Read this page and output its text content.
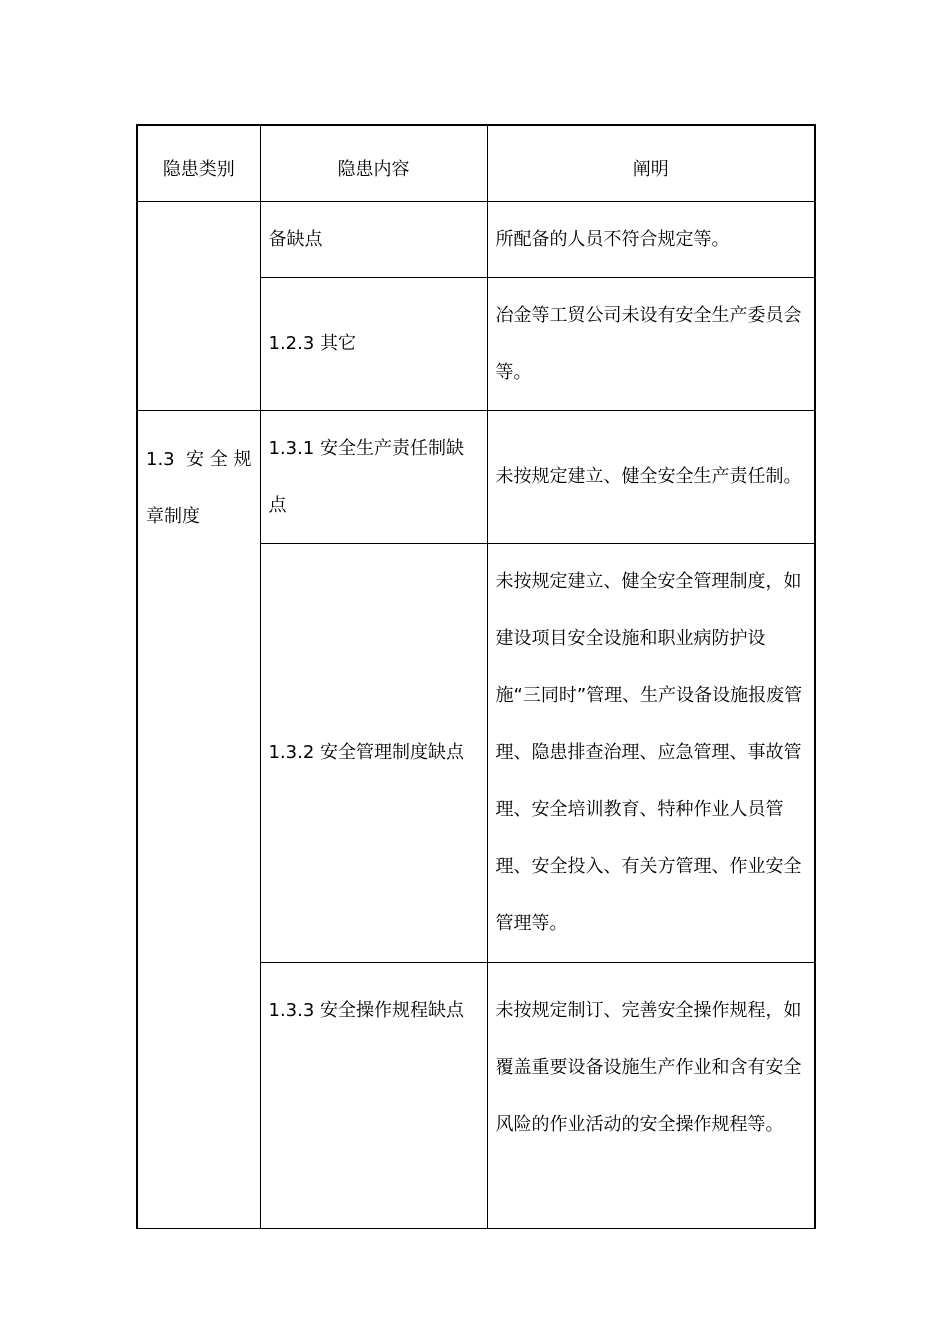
隐患类别	隐患内容	阐明
	备缺点	所配备的人员不符合规定等。
	1.2.3 其它	冶金等工贸公司未设有安全生产委员会等。
1.3 安全规章制度	1.3.1 安全生产责任制缺点	未按规定建立、健全安全生产责任制。
	1.3.2 安全管理制度缺点	未按规定建立、健全安全管理制度，如建设项目安全设施和职业病防护设施“三同时”管理、生产设备设施报废管理、隐患排查治理、应急管理、事故管理、安全培训教育、特种作业人员管理、安全投入、有关方管理、作业安全管理等。
	1.3.3 安全操作规程缺点	未按规定制订、完善安全操作规程，如覆盖重要设备设施生产作业和含有安全风险的作业活动的安全操作规程等。
